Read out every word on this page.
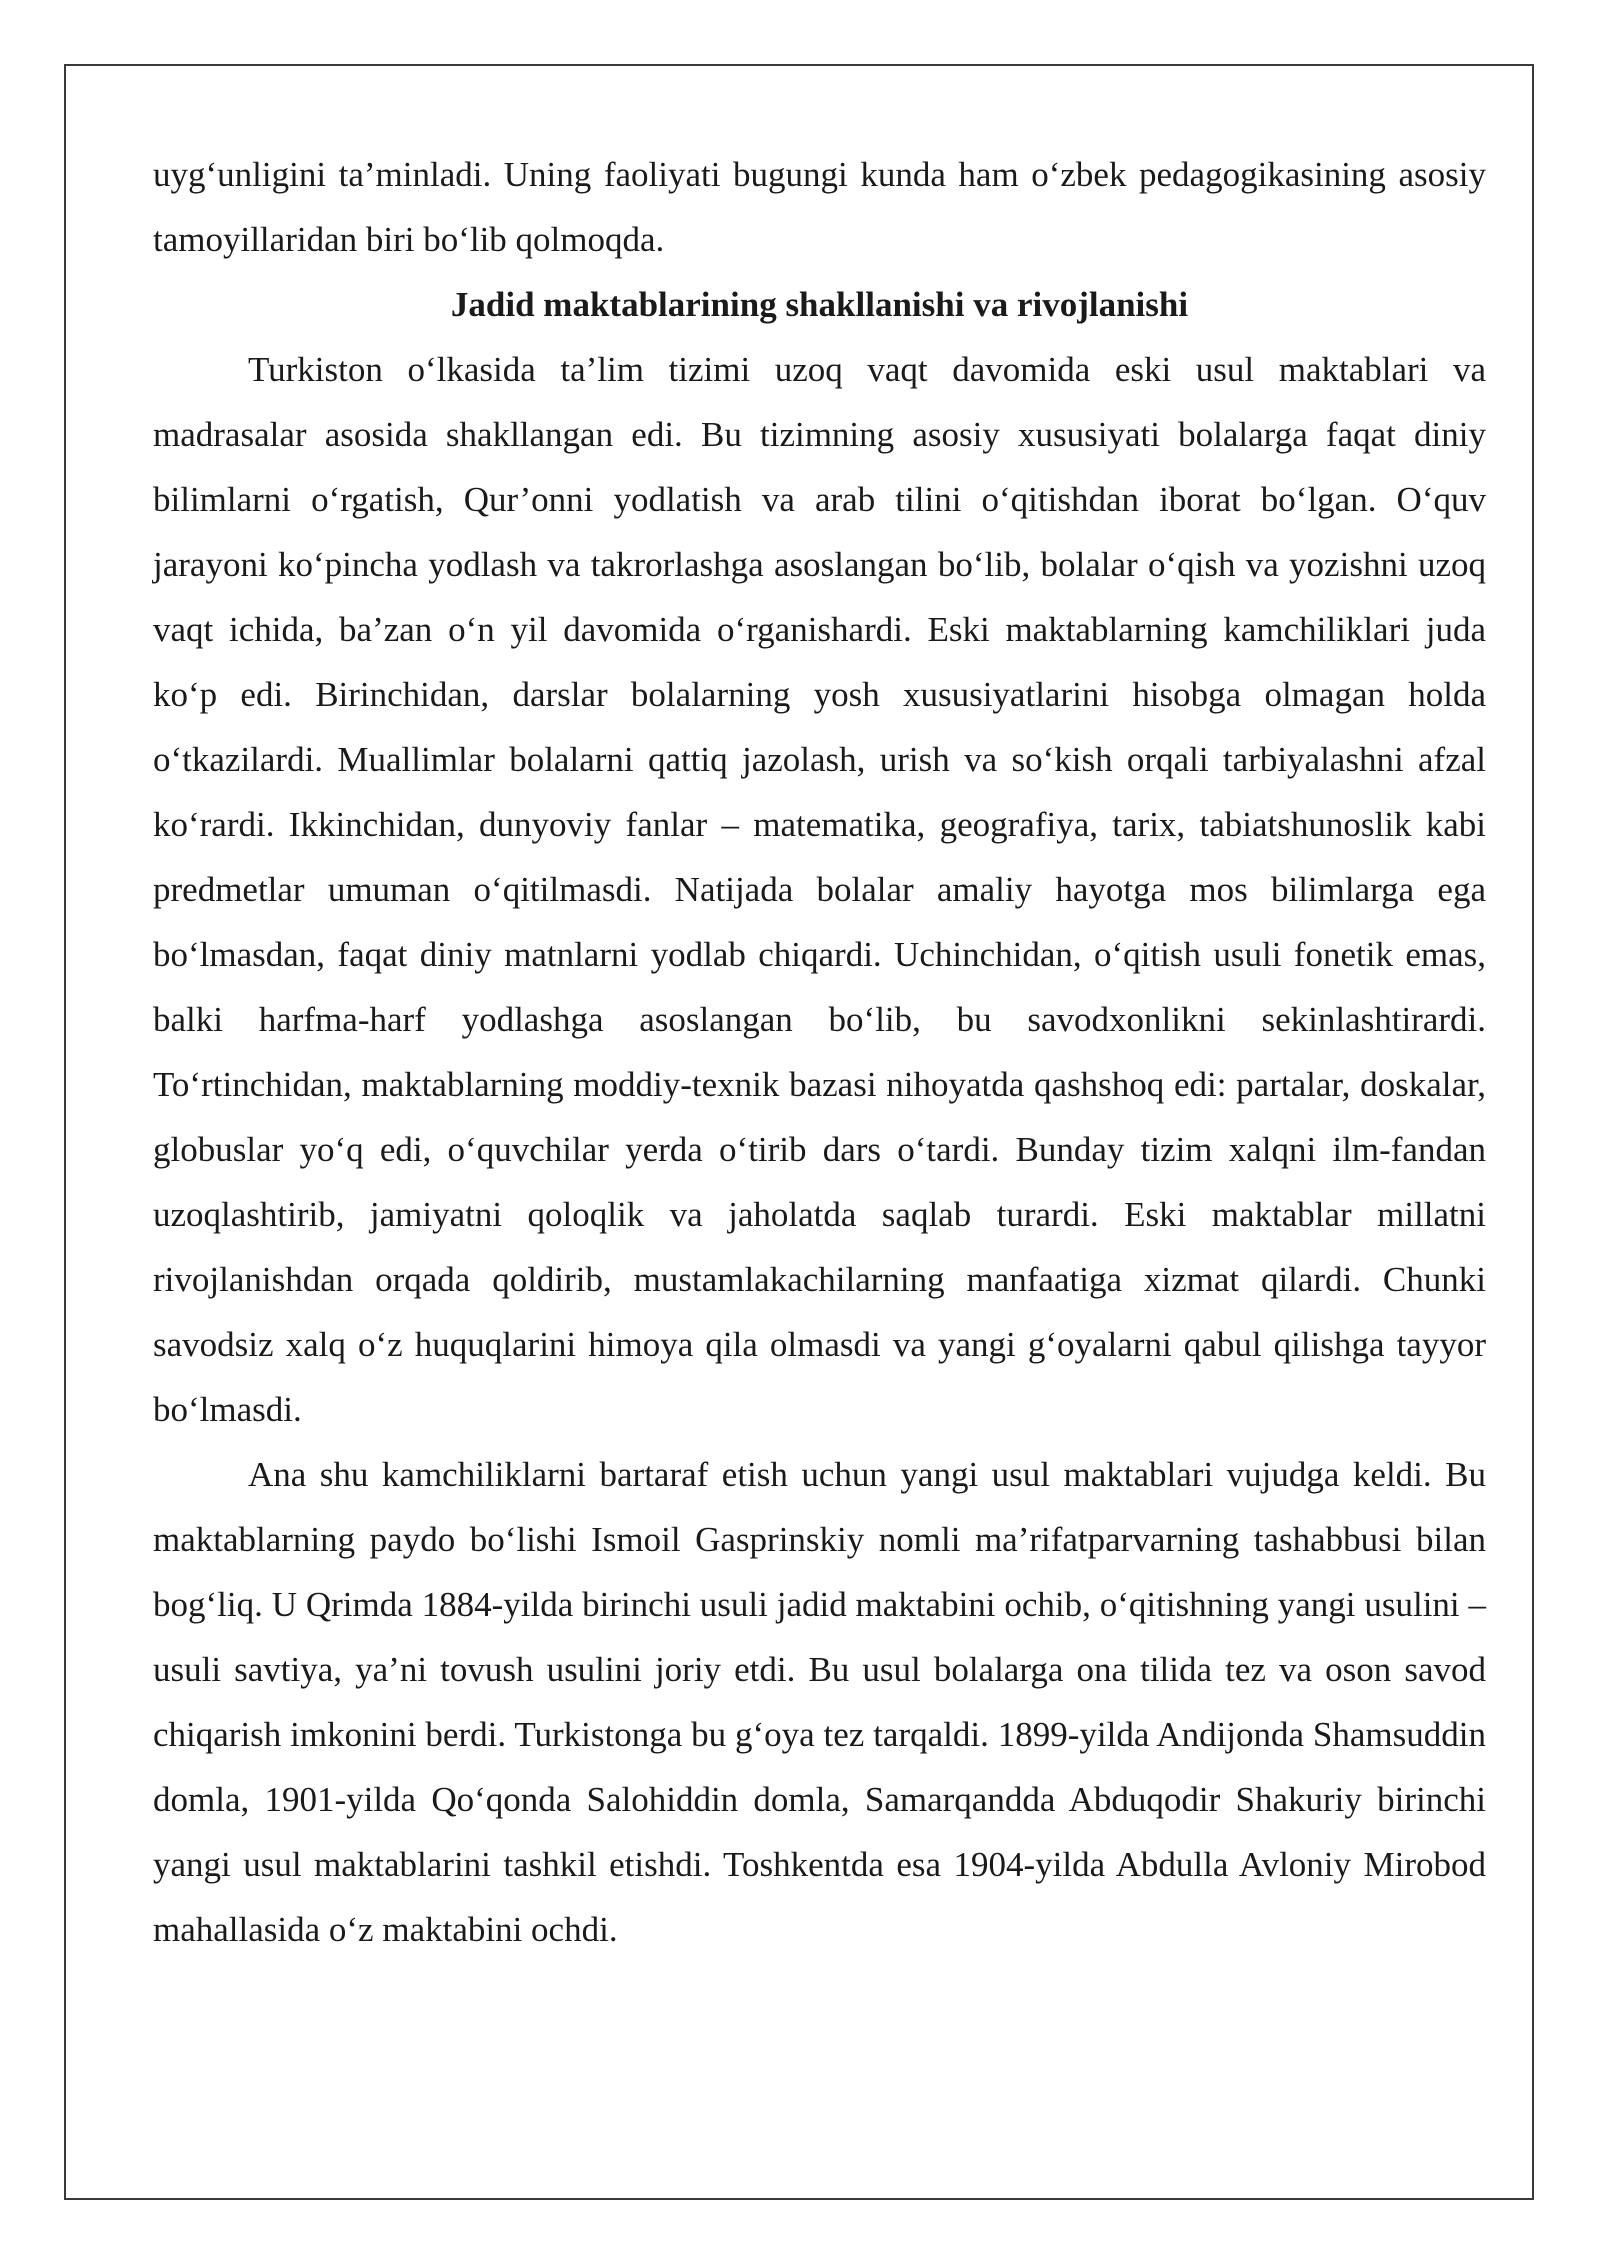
uyg‘unligini ta’minladi. Uning faoliyati bugungi kunda ham o‘zbek pedagogikasining asosiy tamoyillaridan biri bo‘lib qolmoqda.

Jadid maktablarining shakllanishi va rivojlanishi

Turkiston o‘lkasida ta’lim tizimi uzoq vaqt davomida eski usul maktablari va madrasalar asosida shakllangan edi. Bu tizimning asosiy xususiyati bolalarga faqat diniy bilimlarni o‘rgatish, Qur’onni yodlatish va arab tilini o‘qitishdan iborat bo‘lgan. O‘quv jarayoni ko‘pincha yodlash va takrorlashga asoslangan bo‘lib, bolalar o‘qish va yozishni uzoq vaqt ichida, ba’zan o‘n yil davomida o‘rganishardi. Eski maktablarning kamchiliklari juda ko‘p edi. Birinchidan, darslar bolalarning yosh xususiyatlarini hisobga olmagan holda o‘tkazilardi. Muallimlar bolalarni qattiq jazolash, urish va so‘kish orqali tarbiyalashni afzal ko‘rardi. Ikkinchidan, dunyoviy fanlar – matematika, geografiya, tarix, tabiatshunoslik kabi predmetlar umuman o‘qitilmasdi. Natijada bolalar amaliy hayotga mos bilimlarga ega bo‘lmasdan, faqat diniy matnlarni yodlab chiqardi. Uchinchidan, o‘qitish usuli fonetik emas, balki harfma-harf yodlashga asoslangan bo‘lib, bu savodxonlikni sekinlashtirardi. To‘rtinchidan, maktablarning moddiy-texnik bazasi nihoyatda qashshoq edi: partalar, doskalar, globuslar yo‘q edi, o‘quvchilar yerda o‘tirib dars o‘tardi. Bunday tizim xalqni ilm-fandan uzoqlashtirib, jamiyatni qoloqlik va jaholatda saqlab turardi. Eski maktablar millatni rivojlanishdan orqada qoldirib, mustamlakachilarning manfaatiga xizmat qilardi. Chunki savodsiz xalq o‘z huquqlarini himoya qila olmasdi va yangi g‘oyalarni qabul qilishga tayyor bo‘lmasdi.

Ana shu kamchiliklarni bartaraf etish uchun yangi usul maktablari vujudga keldi. Bu maktablarning paydo bo‘lishi Ismoil Gasprinskiy nomli ma’rifatparvarning tashabbusi bilan bog‘liq. U Qrimda 1884-yilda birinchi usuli jadid maktabini ochib, o‘qitishning yangi usulini – usuli savtiya, ya’ni tovush usulini joriy etdi. Bu usul bolalarga ona tilida tez va oson savod chiqarish imkonini berdi. Turkistonga bu g‘oya tez tarqaldi. 1899-yilda Andijonda Shamsuddin domla, 1901-yilda Qo‘qonda Salohiddin domla, Samarqandda Abduqodir Shakuriy birinchi yangi usul maktablarini tashkil etishdi. Toshkentda esa 1904-yilda Abdulla Avloniy Mirobod mahallasida o‘z maktabini ochdi.
